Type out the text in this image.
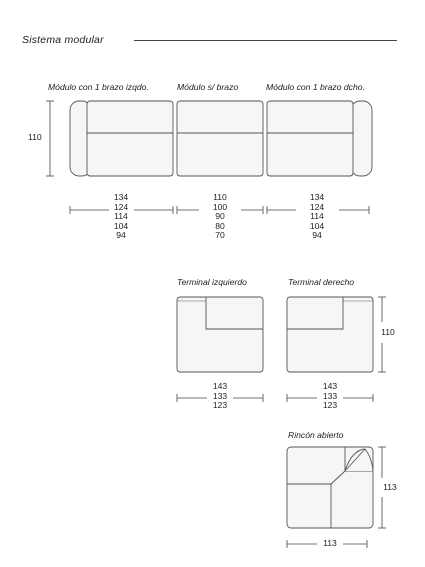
Sistema modular
Módulo con 1 brazo izqdo.	Módulo s/ brazo	Módulo con 1 brazo dcho.
110
134
124
114
104
94
110
100
90
80
70
134
124
114
104
94
Terminal izquierdo	Terminal derecho
110
143
133
123
143
133
123
Rincón abierto
113
113
